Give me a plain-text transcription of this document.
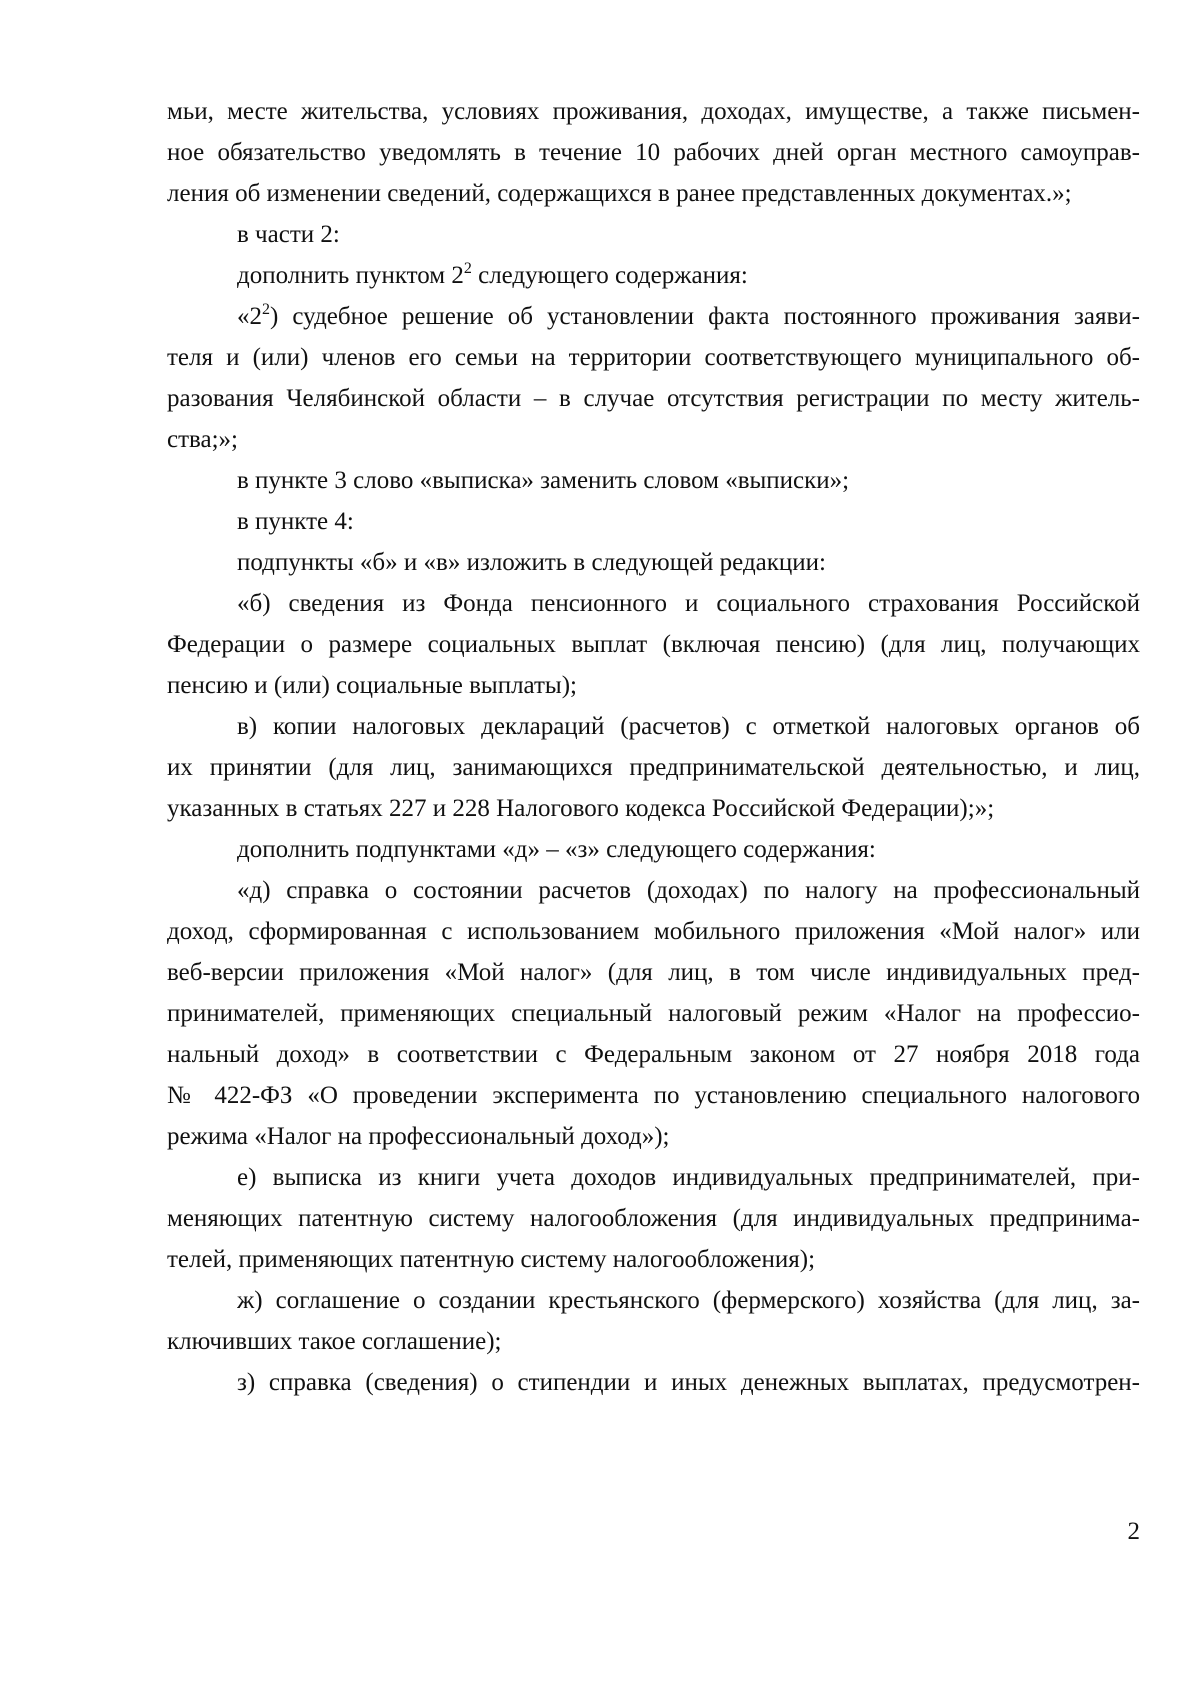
мьи, месте жительства, условиях проживания, доходах, имуществе, а также письмен-
ное обязательство уведомлять в течение 10 рабочих дней орган местного самоуправ-
ления об изменении сведений, содержащихся в ранее представленных документах.»;
в части 2:
дополнить пунктом $2^2$ следующего содержания:
«$2^2$) судебное решение об установлении факта постоянного проживания заяви-
теля и (или) членов его семьи на территории соответствующего муниципального об-
разования Челябинской области – в случае отсутствия регистрации по месту житель-
ства;»;
в пункте 3 слово «выписка» заменить словом «выписки»;
в пункте 4:
подпункты «б» и «в» изложить в следующей редакции:
«б) сведения из Фонда пенсионного и социального страхования Российской
Федерации о размере социальных выплат (включая пенсию) (для лиц, получающих
пенсию и (или) социальные выплаты);
в) копии налоговых деклараций (расчетов) с отметкой налоговых органов об
их принятии (для лиц, занимающихся предпринимательской деятельностью, и лиц,
указанных в статьях 227 и 228 Налогового кодекса Российской Федерации);»;
дополнить подпунктами «д» – «з» следующего содержания:
«д) справка о состоянии расчетов (доходах) по налогу на профессиональный
доход, сформированная с использованием мобильного приложения «Мой налог» или
веб-версии приложения «Мой налог» (для лиц, в том числе индивидуальных пред-
принимателей, применяющих специальный налоговый режим «Налог на профессио-
нальный доход» в соответствии с Федеральным законом от 27 ноября 2018 года
№ 422-ФЗ «О проведении эксперимента по установлению специального налогового
режима «Налог на профессиональный доход»);
е) выписка из книги учета доходов индивидуальных предпринимателей, при-
меняющих патентную систему налогообложения (для индивидуальных предпринима-
телей, применяющих патентную систему налогообложения);
ж) соглашение о создании крестьянского (фермерского) хозяйства (для лиц, за-
ключивших такое соглашение);
з) справка (сведения) о стипендии и иных денежных выплатах, предусмотрен-
2
